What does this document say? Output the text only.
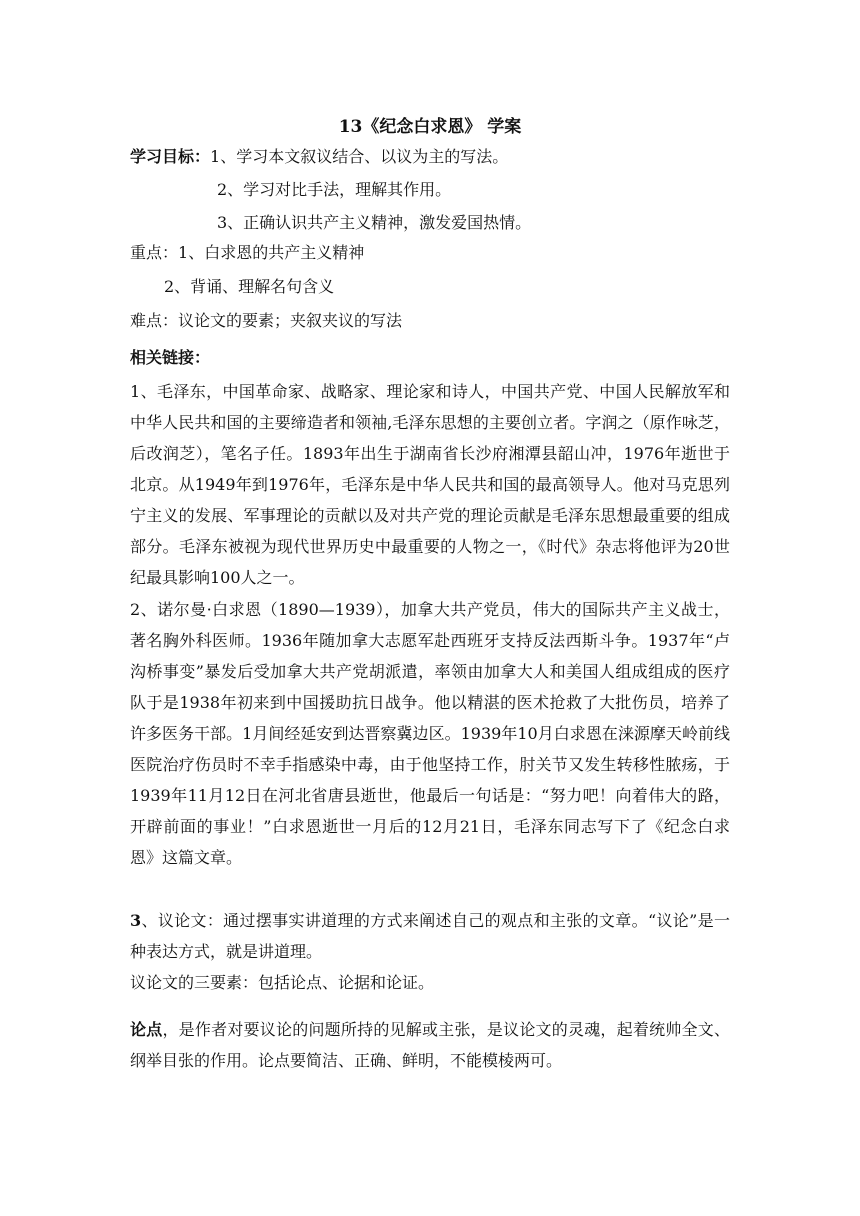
13《纪念白求恩》 学案
学习目标：1、学习本文叙议结合、以议为主的写法。
2、学习对比手法，理解其作用。
3、正确认识共产主义精神，激发爱国热情。
重点：1、白求恩的共产主义精神
2、背诵、理解名句含义
难点：议论文的要素；夹叙夹议的写法
相关链接：
1、毛泽东，中国革命家、战略家、理论家和诗人，中国共产党、中国人民解放军和中华人民共和国的主要缔造者和领袖,毛泽东思想的主要创立者。字润之（原作咏芝，后改润芝），笔名子任。1893年出生于湖南省长沙府湘潭县韶山冲，1976年逝世于北京。从1949年到1976年，毛泽东是中华人民共和国的最高领导人。他对马克思列宁主义的发展、军事理论的贡献以及对共产党的理论贡献是毛泽东思想最重要的组成部分。毛泽东被视为现代世界历史中最重要的人物之一，《时代》杂志将他评为20世纪最具影响100人之一。
2、诺尔曼·白求恩（1890—1939），加拿大共产党员，伟大的国际共产主义战士，著名胸外科医师。1936年随加拿大志愿军赴西班牙支持反法西斯斗争。1937年“卢沟桥事变”暴发后受加拿大共产党胡派遣，率领由加拿大人和美国人组成组成的医疗队于是1938年初来到中国援助抗日战争。他以精湛的医术抢救了大批伤员，培养了许多医务干部。1月间经延安到达晋察冀边区。1939年10月白求恩在涞源摩天岭前线医院治疗伤员时不幸手指感染中毒，由于他坚持工作，肘关节又发生转移性脓疡，于1939年11月12日在河北省唐县逝世，他最后一句话是：“努力吧！向着伟大的路，开辟前面的事业！”白求恩逝世一月后的12月21日，毛泽东同志写下了《纪念白求恩》这篇文章。
3、议论文：通过摆事实讲道理的方式来阐述自己的观点和主张的文章。“议论”是一种表达方式，就是讲道理。
议论文的三要素：包括论点、论据和论证。
论点，是作者对要议论的问题所持的见解或主张，是议论文的灵魂，起着统帅全文、纲举目张的作用。论点要简洁、正确、鲜明，不能模棱两可。
